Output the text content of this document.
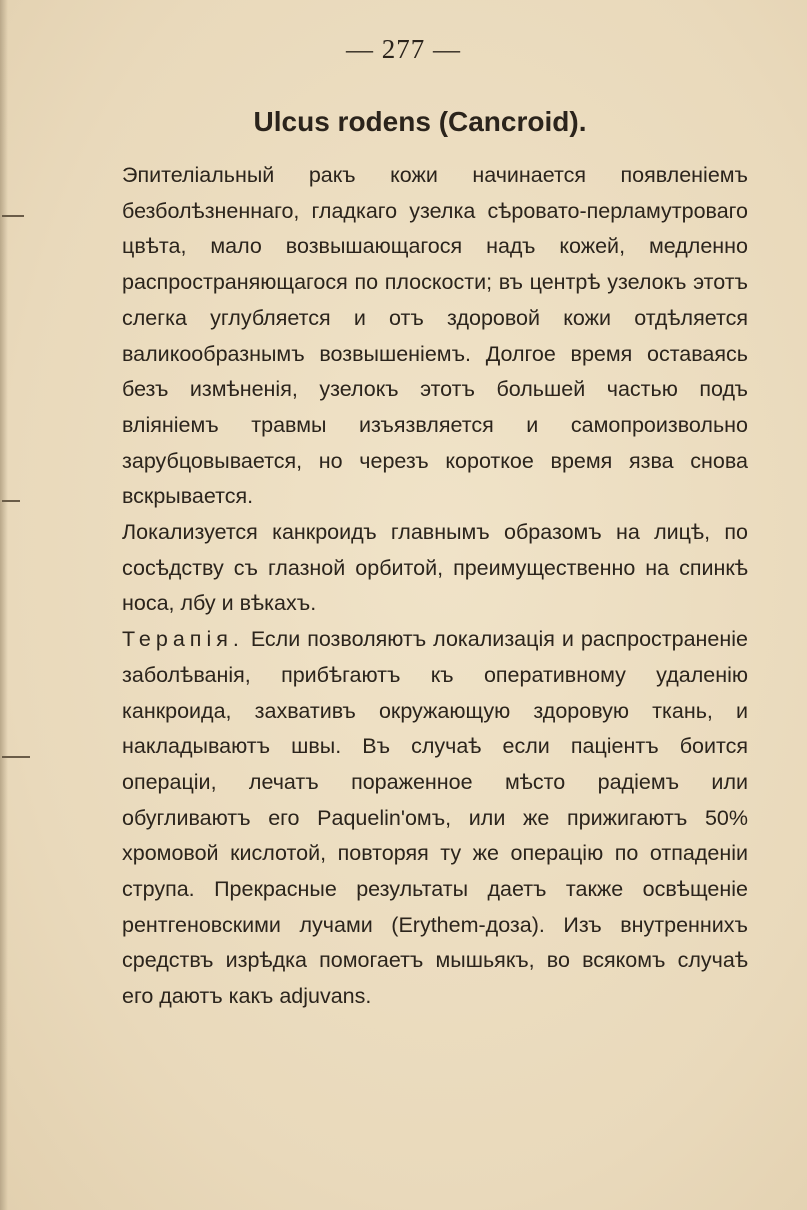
— 277 —
Ulcus rodens (Cancroid).

Эпителіальный ракъ кожи начинается появленіемъ безболѣзненнаго, гладкаго узелка сѣровато-перламутроваго цвѣта, мало возвышающагося надъ кожей, медленно распространяющагося по плоскости; въ центрѣ узелокъ этотъ слегка углубляется и отъ здоровой кожи отдѣляется валикообразнымъ возвышеніемъ. Долгое время оставаясь безъ измѣненія, узелокъ этотъ большей частью подъ вліяніемъ травмы изъязвляется и самопроизвольно зарубцовывается, но черезъ короткое время язва снова вскрывается.

Локализуется канкроидъ главнымъ образомъ на лицѣ, по сосѣдству съ глазной орбитой, преимущественно на спинкѣ носа, лбу и вѣкахъ.

Терапія. Если позволяютъ локализація и распространеніе заболѣванія, прибѣгаютъ къ оперативному удаленію канкроида, захвативъ окружающую здоровую ткань, и накладываютъ швы. Въ случаѣ если паціентъ боится операціи, лечатъ пораженное мѣсто радіемъ или обугливаютъ его Paquelin'омъ, или же прижигаютъ 50% хромовой кислотой, повторяя ту же операцію по отпаденіи струпа. Прекрасные результаты даетъ также освѣщеніе рентгеновскими лучами (Erythem-доза). Изъ внутреннихъ средствъ изрѣдка помогаетъ мышьякъ, во всякомъ случаѣ его даютъ какъ adjuvans.
